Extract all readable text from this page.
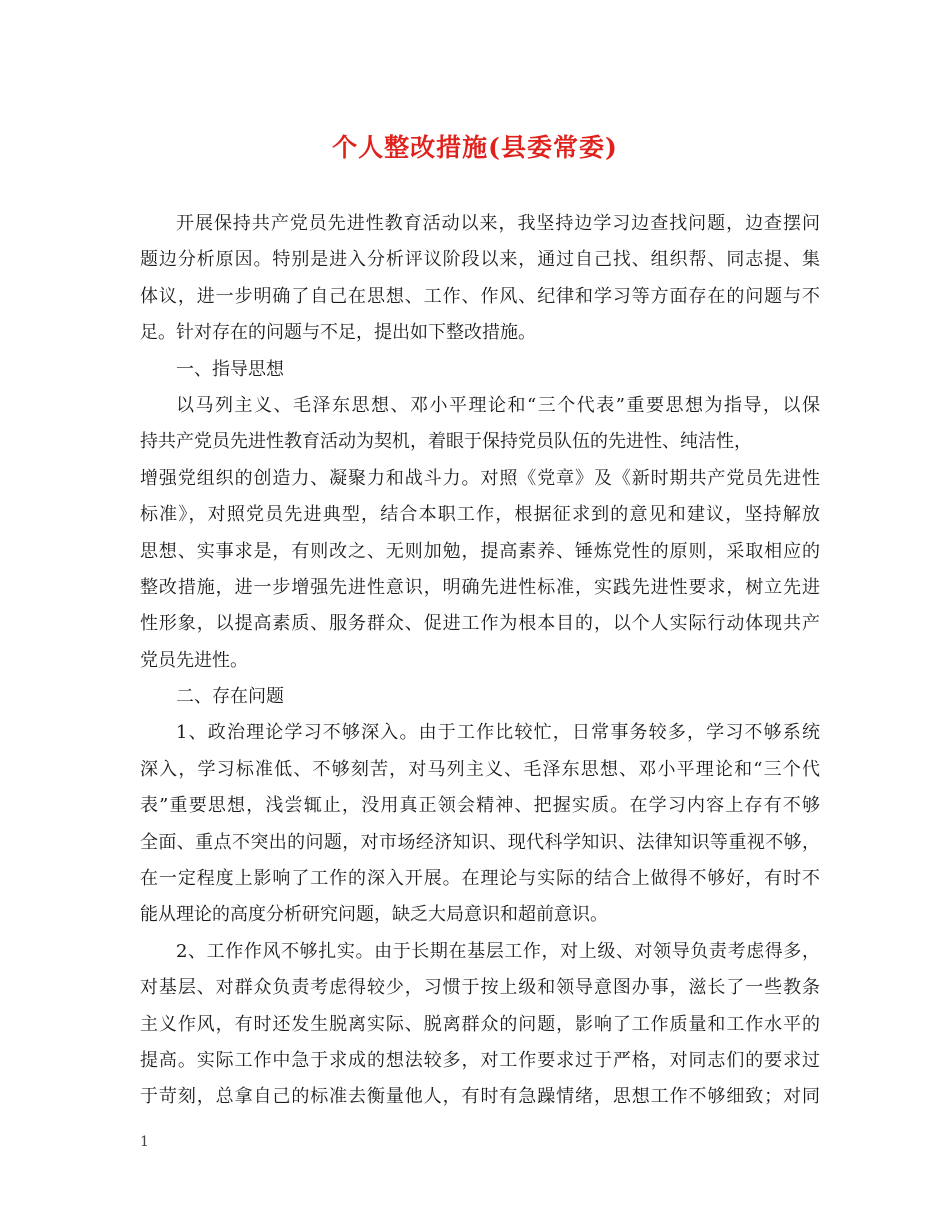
个人整改措施(县委常委)
开展保持共产党员先进性教育活动以来，我坚持边学习边查找问题，边查摆问
题边分析原因。特别是进入分析评议阶段以来，通过自己找、组织帮、同志提、集
体议，进一步明确了自己在思想、工作、作风、纪律和学习等方面存在的问题与不
足。针对存在的问题与不足，提出如下整改措施。
一、指导思想
以马列主义、毛泽东思想、邓小平理论和“三个代表”重要思想为指导，以保
持共产党员先进性教育活动为契机，着眼于保持党员队伍的先进性、纯洁性，
增强党组织的创造力、凝聚力和战斗力。对照《党章》及《新时期共产党员先进性
标准》，对照党员先进典型，结合本职工作，根据征求到的意见和建议，坚持解放
思想、实事求是，有则改之、无则加勉，提高素养、锤炼党性的原则，采取相应的
整改措施，进一步增强先进性意识，明确先进性标准，实践先进性要求，树立先进
性形象，以提高素质、服务群众、促进工作为根本目的，以个人实际行动体现共产
党员先进性。
二、存在问题
1、政治理论学习不够深入。由于工作比较忙，日常事务较多，学习不够系统
深入，学习标准低、不够刻苦，对马列主义、毛泽东思想、邓小平理论和“三个代
表”重要思想，浅尝辄止，没用真正领会精神、把握实质。在学习内容上存有不够
全面、重点不突出的问题，对市场经济知识、现代科学知识、法律知识等重视不够，
在一定程度上影响了工作的深入开展。在理论与实际的结合上做得不够好，有时不
能从理论的高度分析研究问题，缺乏大局意识和超前意识。
2、工作作风不够扎实。由于长期在基层工作，对上级、对领导负责考虑得多，
对基层、对群众负责考虑得较少，习惯于按上级和领导意图办事，滋长了一些教条
主义作风，有时还发生脱离实际、脱离群众的问题，影响了工作质量和工作水平的
提高。实际工作中急于求成的想法较多，对工作要求过于严格，对同志们的要求过
于苛刻，总拿自己的标准去衡量他人，有时有急躁情绪，思想工作不够细致；对同
1
